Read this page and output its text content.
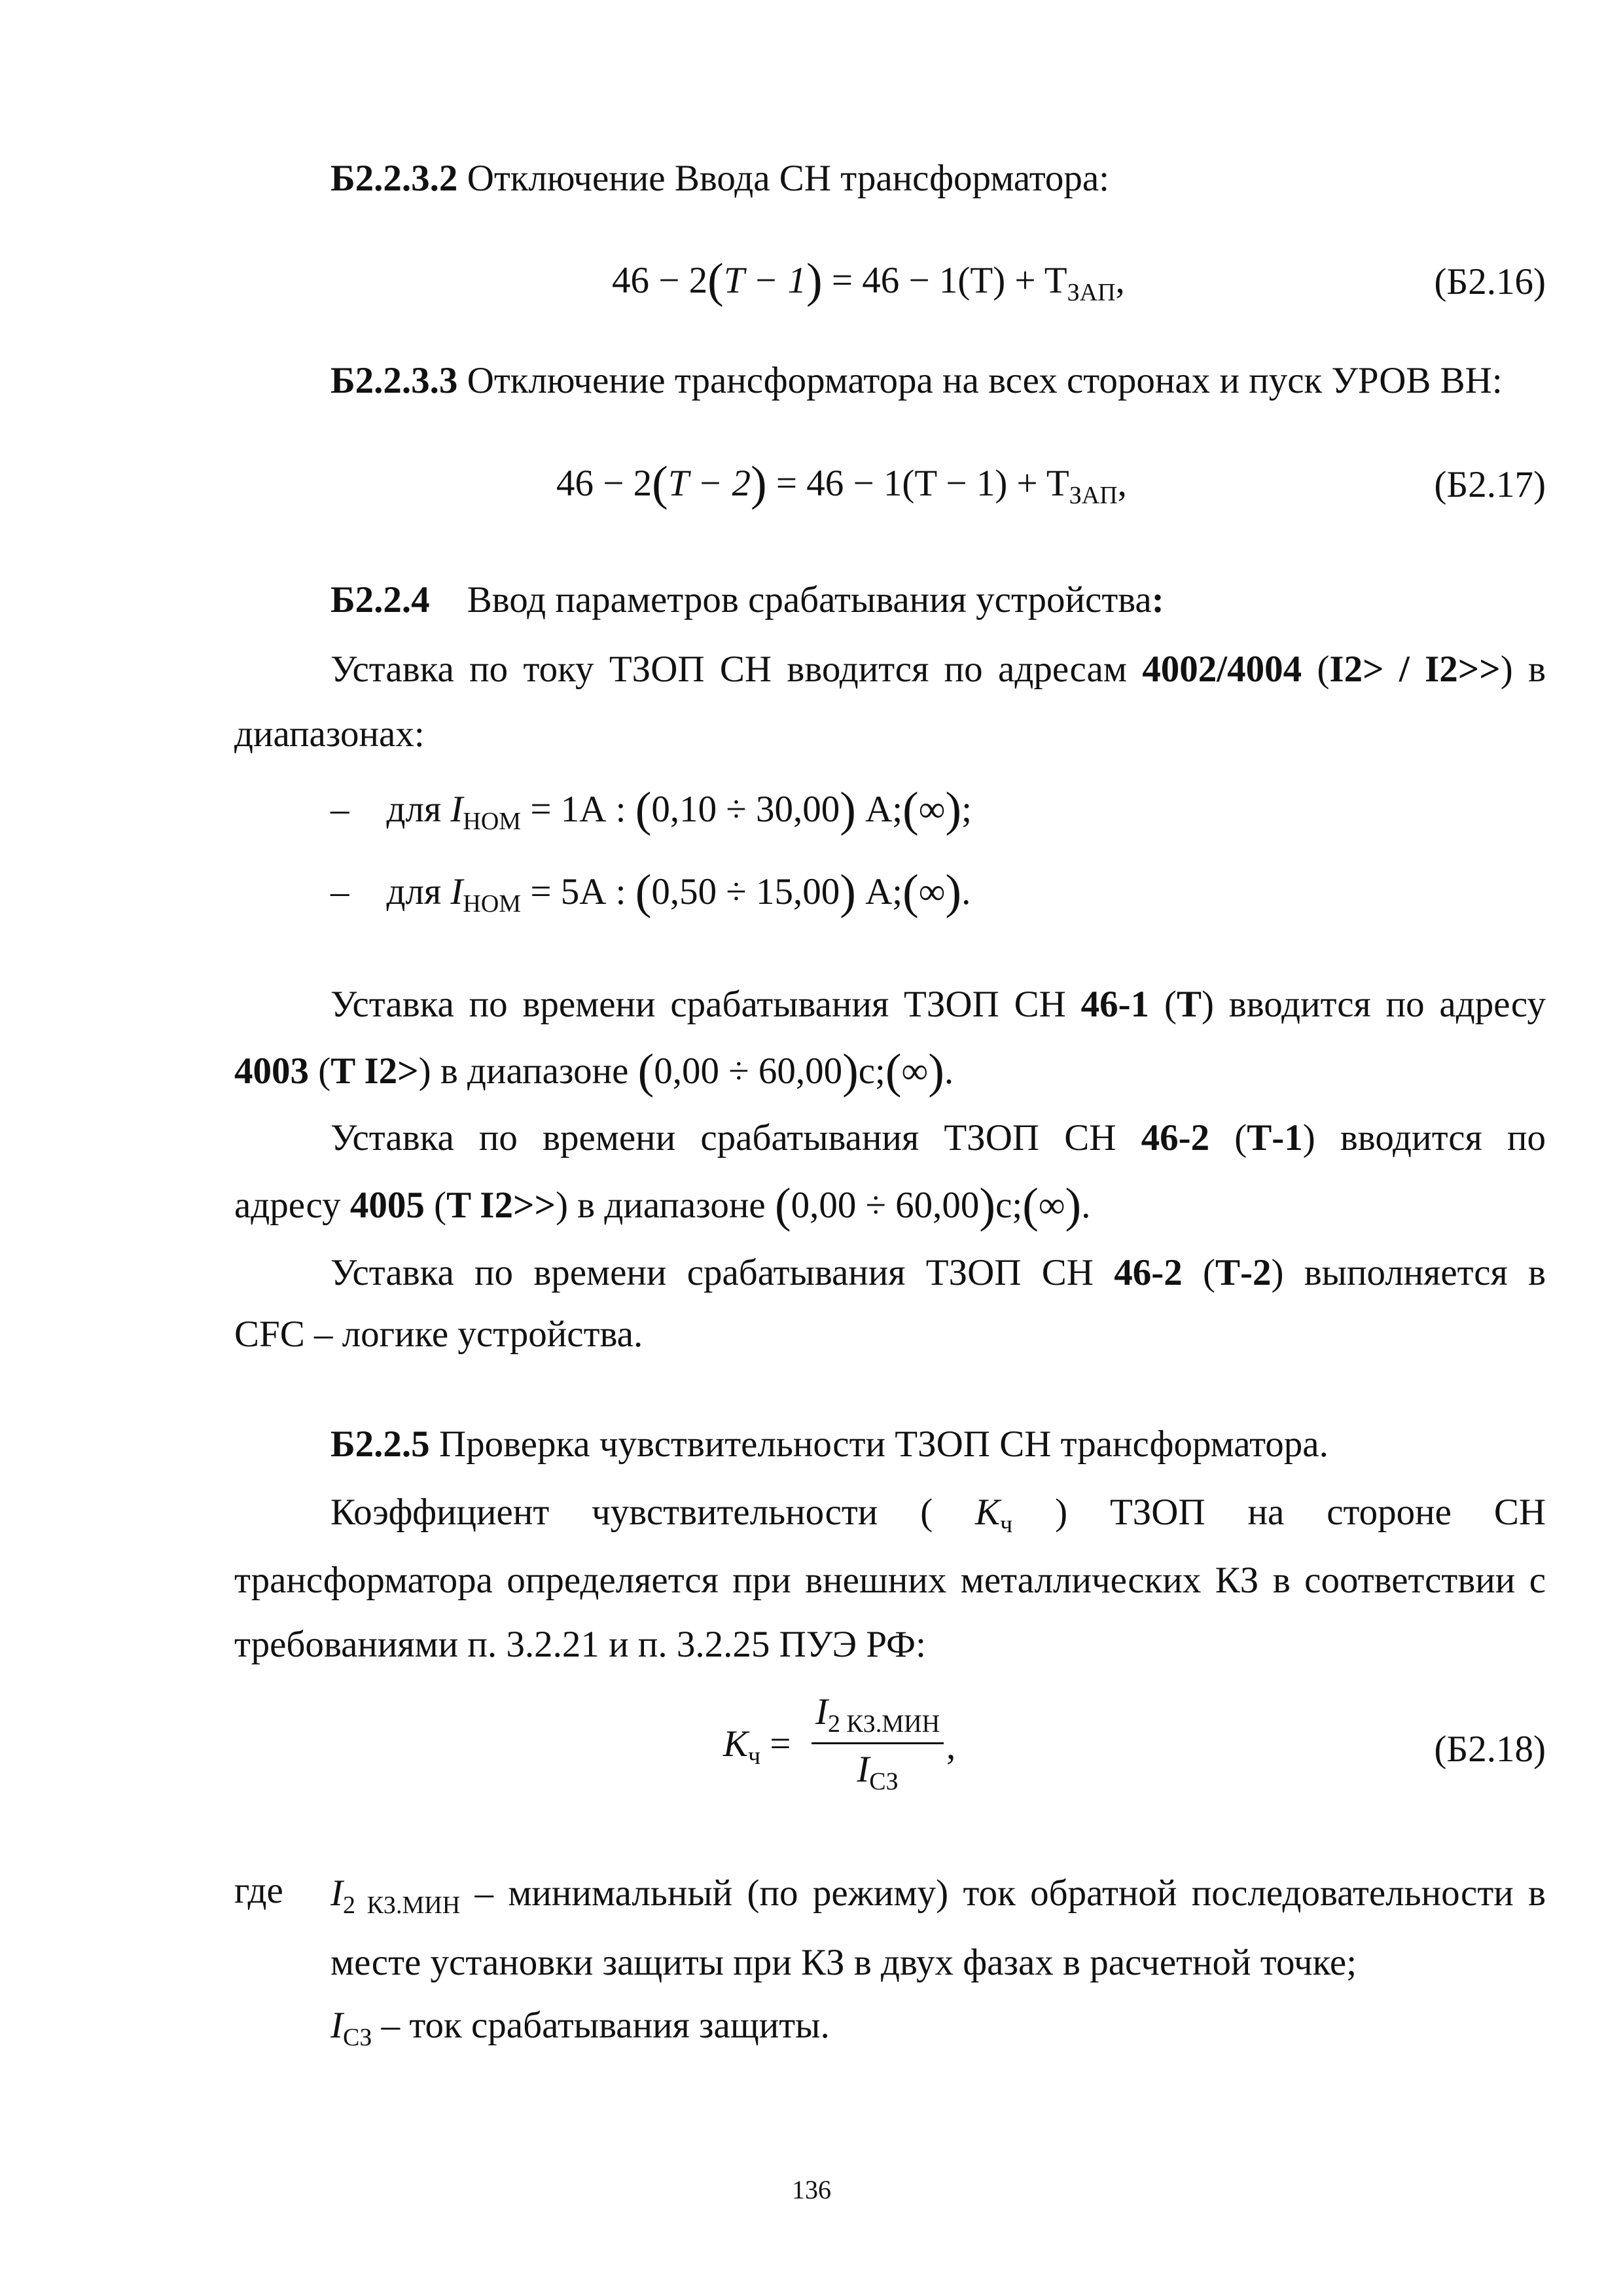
Б2.2.3.2 Отключение Ввода СН трансформатора:
$46 - 2(T - 1) = 46 - 1(T) + T_{ЗАП}$,	(Б2.16)
Б2.2.3.3 Отключение трансформатора на всех сторонах и пуск УРОВ ВН:
$46 - 2(T - 2) = 46 - 1(T - 1) + T_{ЗАП}$,	(Б2.17)
Б2.2.4 Ввод параметров срабатывания устройства:
Уставка по току ТЗОП СН вводится по адресам 4002/4004 (I2> / I2>>) в
диапазонах:
– для $I_{НОМ} = 1А$ : (0,10 ÷ 30,00) А;(∞);
– для $I_{НОМ} = 5А$ : (0,50 ÷ 15,00) А;(∞).
Уставка по времени срабатывания ТЗОП СН 46-1 (Т) вводится по адресу
4003 (T I2>) в диапазоне (0,00 ÷ 60,00)с;(∞).
Уставка по времени срабатывания ТЗОП СН 46-2 (Т-1) вводится по
адресу 4005 (T I2>>) в диапазоне (0,00 ÷ 60,00)с;(∞).
Уставка по времени срабатывания ТЗОП СН 46-2 (Т-2) выполняется в
CFC – логике устройства.
Б2.2.5 Проверка чувствительности ТЗОП СН трансформатора.
Коэффициент чувствительности ( $K_ч$ ) ТЗОП на стороне СН
трансформатора определяется при внешних металлических КЗ в соответствии с
требованиями п. 3.2.21 и п. 3.2.25 ПУЭ РФ:
$K_ч$ =
$I_{2 КЗ.МИН}$
$I_{СЗ}$
,	(Б2.18)
где $I_{2 КЗ.МИН}$ – минимальный (по режиму) ток обратной последовательности в
месте установки защиты при КЗ в двух фазах в расчетной точке;
$I_{СЗ}$ – ток срабатывания защиты.
136
